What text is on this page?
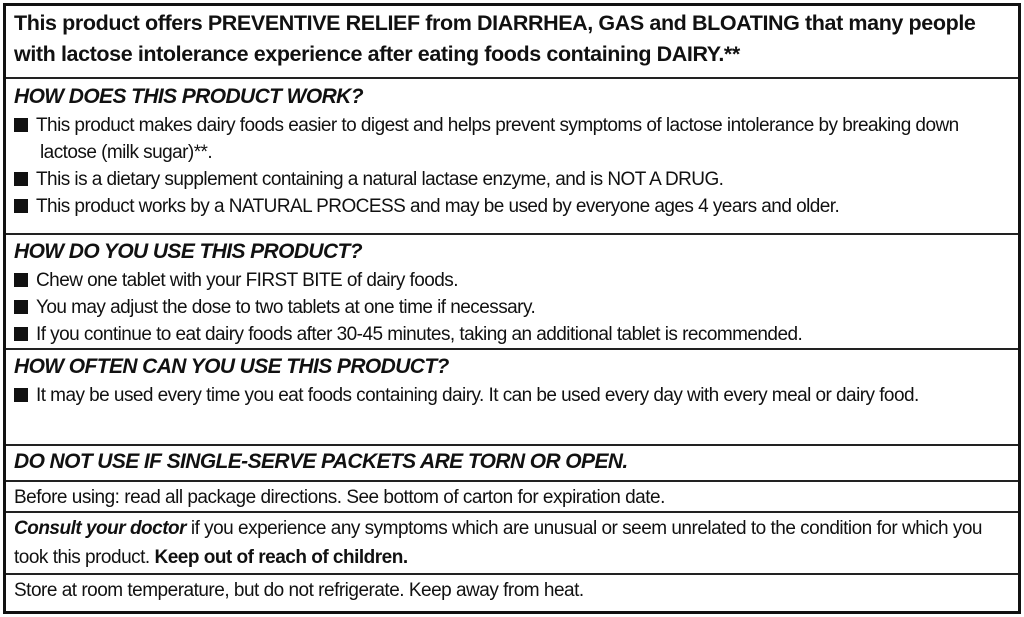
This product offers PREVENTIVE RELIEF from DIARRHEA, GAS and BLOATING that many people with lactose intolerance experience after eating foods containing DAIRY.**
HOW DOES THIS PRODUCT WORK?
This product makes dairy foods easier to digest and helps prevent symptoms of lactose intolerance by breaking down lactose (milk sugar)**.
This is a dietary supplement containing a natural lactase enzyme, and is NOT A DRUG.
This product works by a NATURAL PROCESS and may be used by everyone ages 4 years and older.
HOW DO YOU USE THIS PRODUCT?
Chew one tablet with your FIRST BITE of dairy foods.
You may adjust the dose to two tablets at one time if necessary.
If you continue to eat dairy foods after 30-45 minutes, taking an additional tablet is recommended.
HOW OFTEN CAN YOU USE THIS PRODUCT?
It may be used every time you eat foods containing dairy. It can be used every day with every meal or dairy food.
DO NOT USE IF SINGLE-SERVE PACKETS ARE TORN OR OPEN.
Before using: read all package directions. See bottom of carton for expiration date.
Consult your doctor if you experience any symptoms which are unusual or seem unrelated to the condition for which you took this product. Keep out of reach of children.
Store at room temperature, but do not refrigerate. Keep away from heat.
